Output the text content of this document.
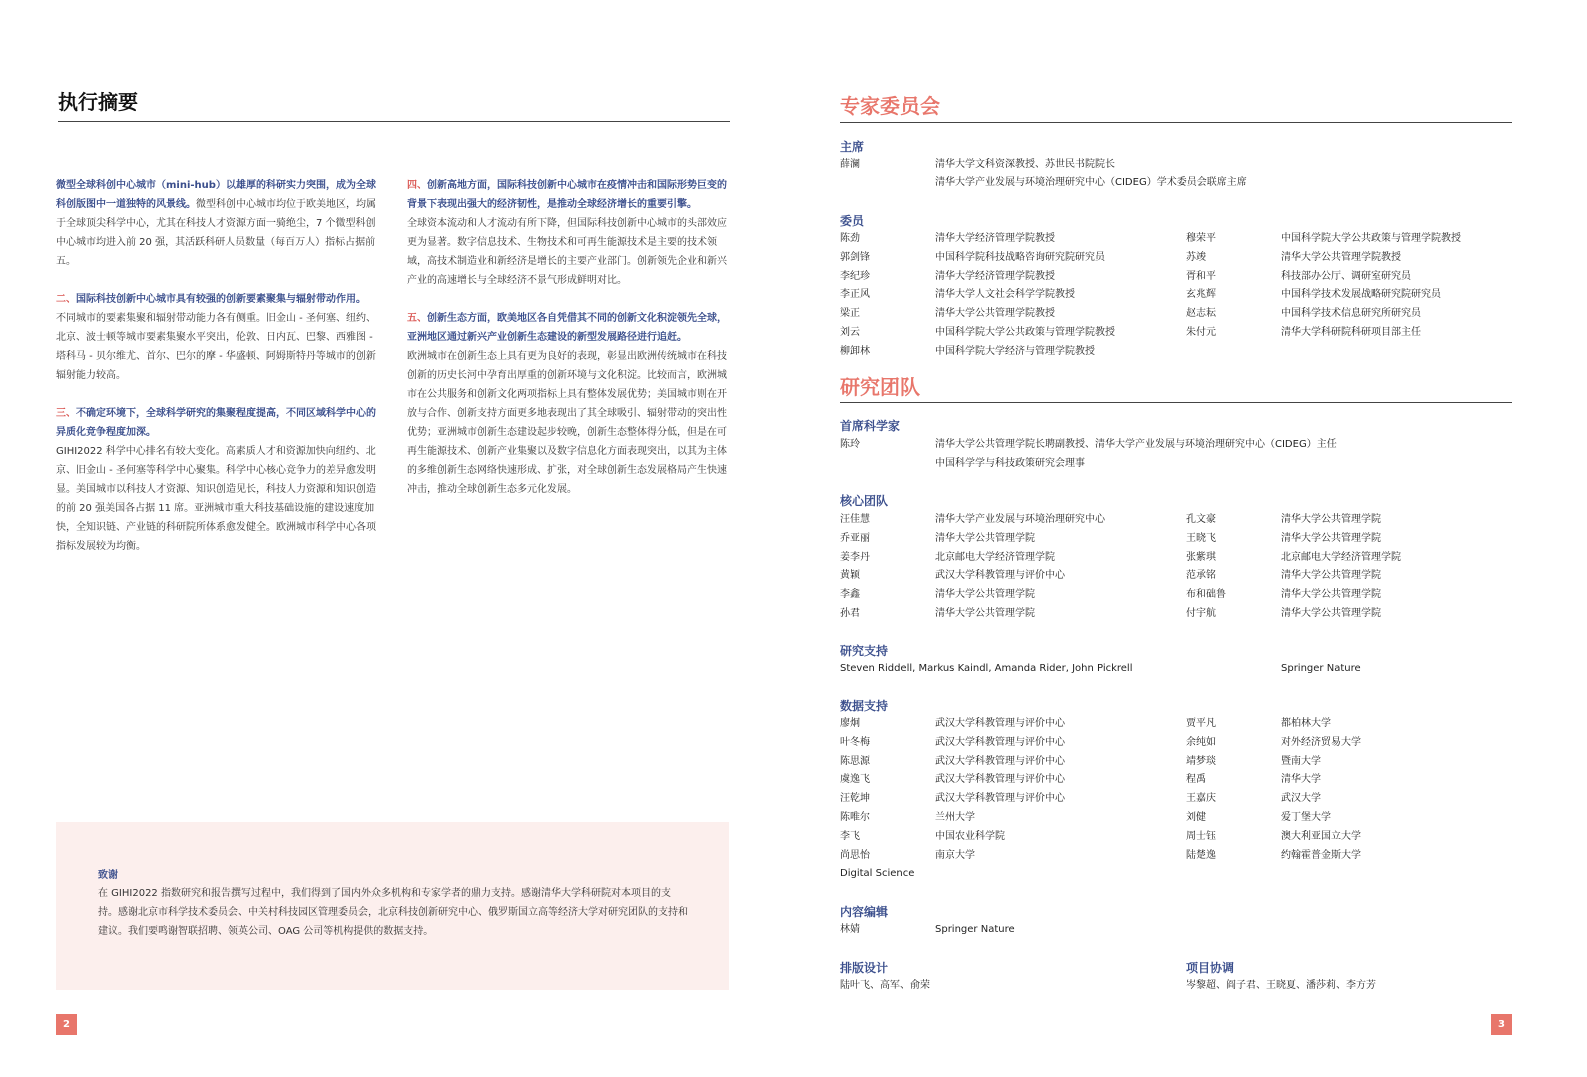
执行摘要

微型全球科创中心城市（mini-hub）以雄厚的科研实力突围，成为全球科创版图中一道独特的风景线。微型科创中心城市均位于欧美地区，均属于全球顶尖科学中心，尤其在科技人才资源方面一骑绝尘，7 个微型科创中心城市均进入前 20 强，其活跃科研人员数量（每百万人）指标占据前五。

二、国际科技创新中心城市具有较强的创新要素聚集与辐射带动作用。
不同城市的要素集聚和辐射带动能力各有侧重。旧金山 - 圣何塞、纽约、北京、波士顿等城市要素集聚水平突出，伦敦、日内瓦、巴黎、西雅图 - 塔科马 - 贝尔维尤、首尔、巴尔的摩 - 华盛顿、阿姆斯特丹等城市的创新辐射能力较高。

三、不确定环境下，全球科学研究的集聚程度提高，不同区域科学中心的异质化竞争程度加深。
GIHI2022 科学中心排名有较大变化。高素质人才和资源加快向纽约、北京、旧金山 - 圣何塞等科学中心聚集。科学中心核心竞争力的差异愈发明显。美国城市以科技人才资源、知识创造见长，科技人力资源和知识创造的前 20 强美国各占据 11 席。亚洲城市重大科技基础设施的建设速度加快，全知识链、产业链的科研院所体系愈发健全。欧洲城市科学中心各项指标发展较为均衡。

四、创新高地方面，国际科技创新中心城市在疫情冲击和国际形势巨变的背景下表现出强大的经济韧性，是推动全球经济增长的重要引擎。
全球资本流动和人才流动有所下降，但国际科技创新中心城市的头部效应更为显著。数字信息技术、生物技术和可再生能源技术是主要的技术领域，高技术制造业和新经济是增长的主要产业部门。创新领先企业和新兴产业的高速增长与全球经济不景气形成鲜明对比。

五、创新生态方面，欧美地区各自凭借其不同的创新文化积淀领先全球，亚洲地区通过新兴产业创新生态建设的新型发展路径进行追赶。
欧洲城市在创新生态上具有更为良好的表现，彰显出欧洲传统城市在科技创新的历史长河中孕育出厚重的创新环境与文化积淀。比较而言，欧洲城市在公共服务和创新文化两项指标上具有整体发展优势；美国城市则在开放与合作、创新支持方面更多地表现出了其全球吸引、辐射带动的突出性优势；亚洲城市创新生态建设起步较晚，创新生态整体得分低，但是在可再生能源技术、创新产业集聚以及数字信息化方面表现突出，以其为主体的多维创新生态网络快速形成、扩张，对全球创新生态发展格局产生快速冲击，推动全球创新生态多元化发展。

致谢
在 GIHI2022 指数研究和报告撰写过程中，我们得到了国内外众多机构和专家学者的鼎力支持。感谢清华大学科研院对本项目的支持。感谢北京市科学技术委员会、中关村科技园区管理委员会，北京科技创新研究中心、俄罗斯国立高等经济大学对研究团队的支持和建议。我们要鸣谢智联招聘、领英公司、OAG 公司等机构提供的数据支持。
2
专家委员会
主席
薛澜	清华大学文科资深教授、苏世民书院院长
清华大学产业发展与环境治理研究中心（CIDEG）学术委员会联席主席
委员
陈劲	清华大学经济管理学院教授	穆荣平	中国科学院大学公共政策与管理学院教授
郭剑锋	中国科学院科技战略咨询研究院研究员	苏竣	清华大学公共管理学院教授
李纪珍	清华大学经济管理学院教授	胥和平	科技部办公厅、调研室研究员
李正风	清华大学人文社会科学学院教授	玄兆辉	中国科学技术发展战略研究院研究员
梁正	清华大学公共管理学院教授	赵志耘	中国科学技术信息研究所研究员
刘云	中国科学院大学公共政策与管理学院教授	朱付元	清华大学科研院科研项目部主任
柳卸林	中国科学院大学经济与管理学院教授
研究团队
首席科学家
陈玲	清华大学公共管理学院长聘副教授、清华大学产业发展与环境治理研究中心（CIDEG）主任
中国科学学与科技政策研究会理事
核心团队
汪佳慧	清华大学产业发展与环境治理研究中心	孔文豪	清华大学公共管理学院
乔亚丽	清华大学公共管理学院	王晓飞	清华大学公共管理学院
姜李丹	北京邮电大学经济管理学院	张紫琪	北京邮电大学经济管理学院
黄颖	武汉大学科教管理与评价中心	范承铭	清华大学公共管理学院
李鑫	清华大学公共管理学院	布和础鲁	清华大学公共管理学院
孙君	清华大学公共管理学院	付宇航	清华大学公共管理学院
研究支持
Steven Riddell, Markus Kaindl, Amanda Rider, John Pickrell	Springer Nature
数据支持
廖炯	武汉大学科教管理与评价中心	贾平凡	都柏林大学
叶冬梅	武汉大学科教管理与评价中心	余纯如	对外经济贸易大学
陈思源	武汉大学科教管理与评价中心	靖梦琰	暨南大学
虞逸飞	武汉大学科教管理与评价中心	程禹	清华大学
汪乾坤	武汉大学科教管理与评价中心	王嘉庆	武汉大学
陈唯尔	兰州大学	刘健	爱丁堡大学
李飞	中国农业科学院	周士钰	澳大利亚国立大学
尚思怡	南京大学	陆楚逸	约翰霍普金斯大学
Digital Science
内容编辑
林婧	Springer Nature
排版设计
陆叶飞、高军、俞荣
项目协调
岑黎超、阎子君、王晓夏、潘莎莉、李方芳
3
